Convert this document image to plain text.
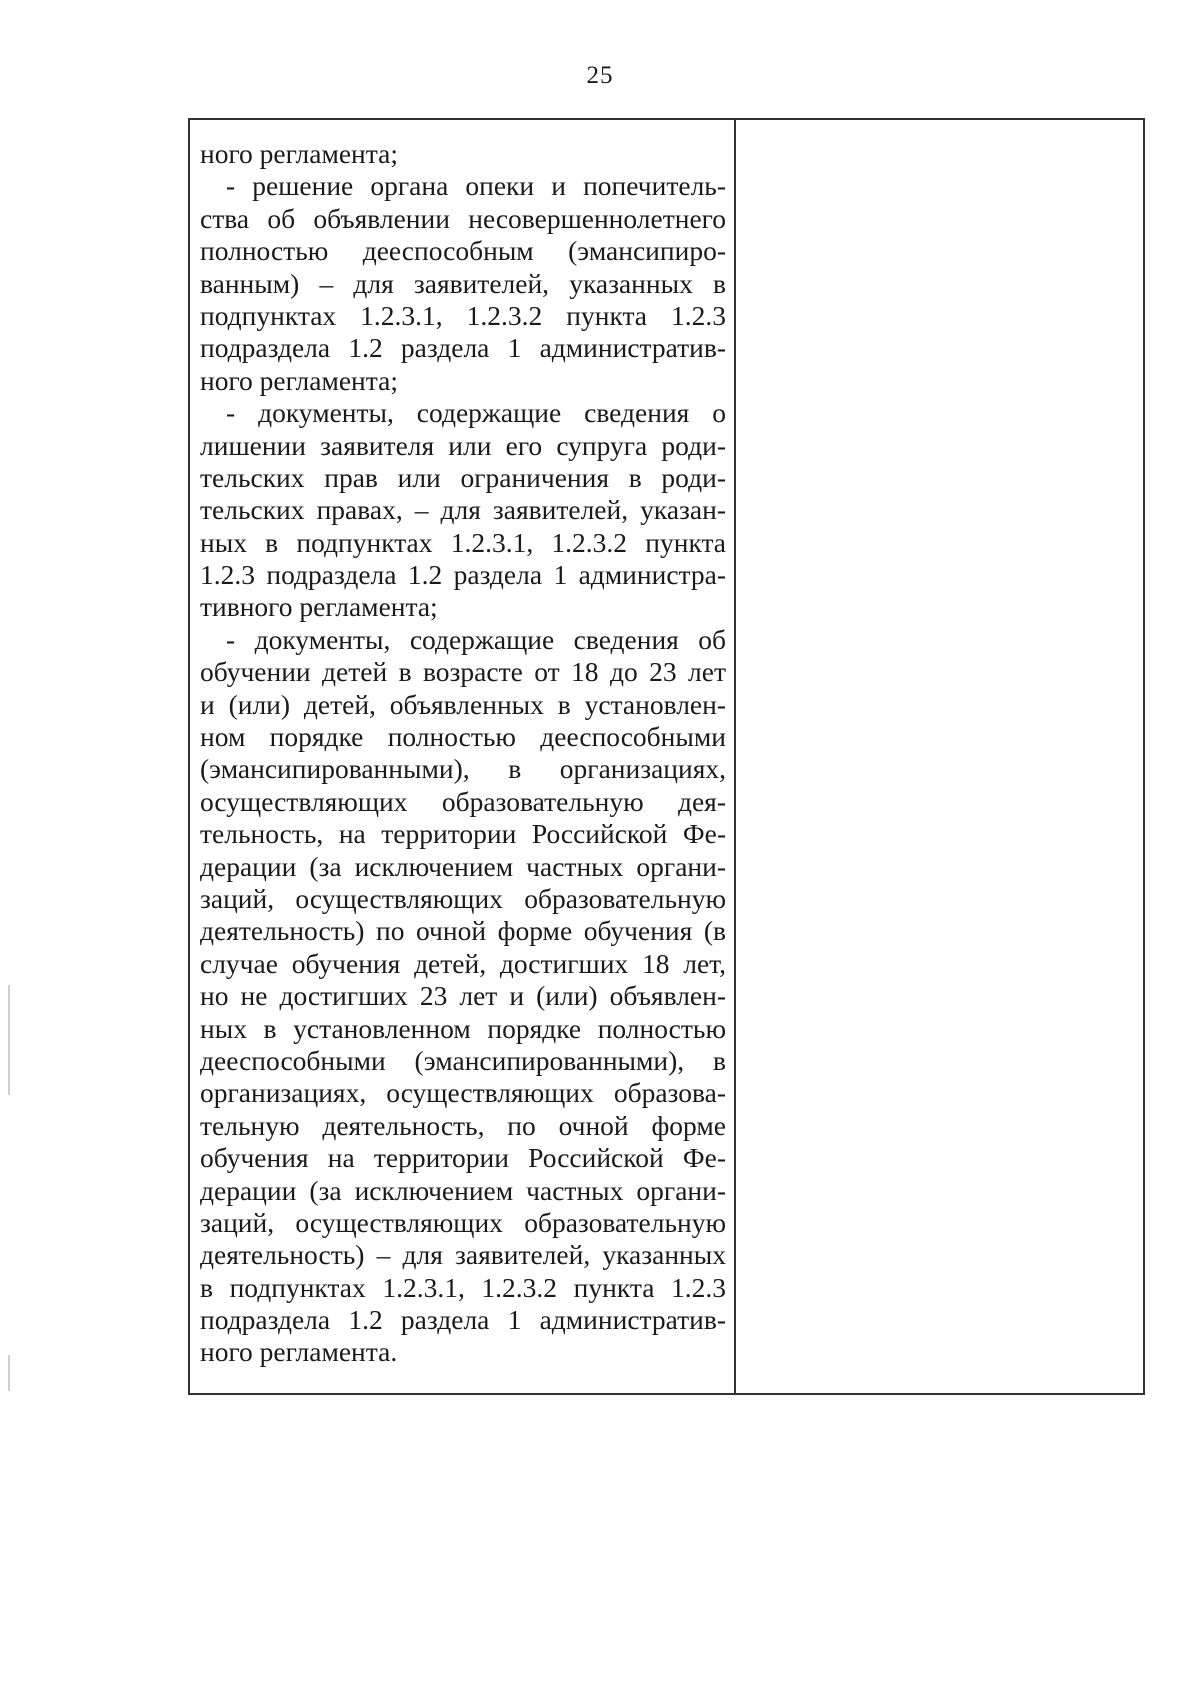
25
ного регламента;
- решение органа опеки и попечитель-
ства об объявлении несовершеннолетнего
полностью дееспособным (эмансипиро-
ванным) – для заявителей, указанных в
подпунктах 1.2.3.1, 1.2.3.2 пункта 1.2.3
подраздела 1.2 раздела 1 административ-
ного регламента;
- документы, содержащие сведения о
лишении заявителя или его супруга роди-
тельских прав или ограничения в роди-
тельских правах, – для заявителей, указан-
ных в подпунктах 1.2.3.1, 1.2.3.2 пункта
1.2.3 подраздела 1.2 раздела 1 администра-
тивного регламента;
- документы, содержащие сведения об
обучении детей в возрасте от 18 до 23 лет
и (или) детей, объявленных в установлен-
ном порядке полностью дееспособными
(эмансипированными), в организациях,
осуществляющих образовательную дея-
тельность, на территории Российской Фе-
дерации (за исключением частных органи-
заций, осуществляющих образовательную
деятельность) по очной форме обучения (в
случае обучения детей, достигших 18 лет,
но не достигших 23 лет и (или) объявлен-
ных в установленном порядке полностью
дееспособными (эмансипированными), в
организациях, осуществляющих образова-
тельную деятельность, по очной форме
обучения на территории Российской Фе-
дерации (за исключением частных органи-
заций, осуществляющих образовательную
деятельность) – для заявителей, указанных
в подпунктах 1.2.3.1, 1.2.3.2 пункта 1.2.3
подраздела 1.2 раздела 1 административ-
ного регламента.
